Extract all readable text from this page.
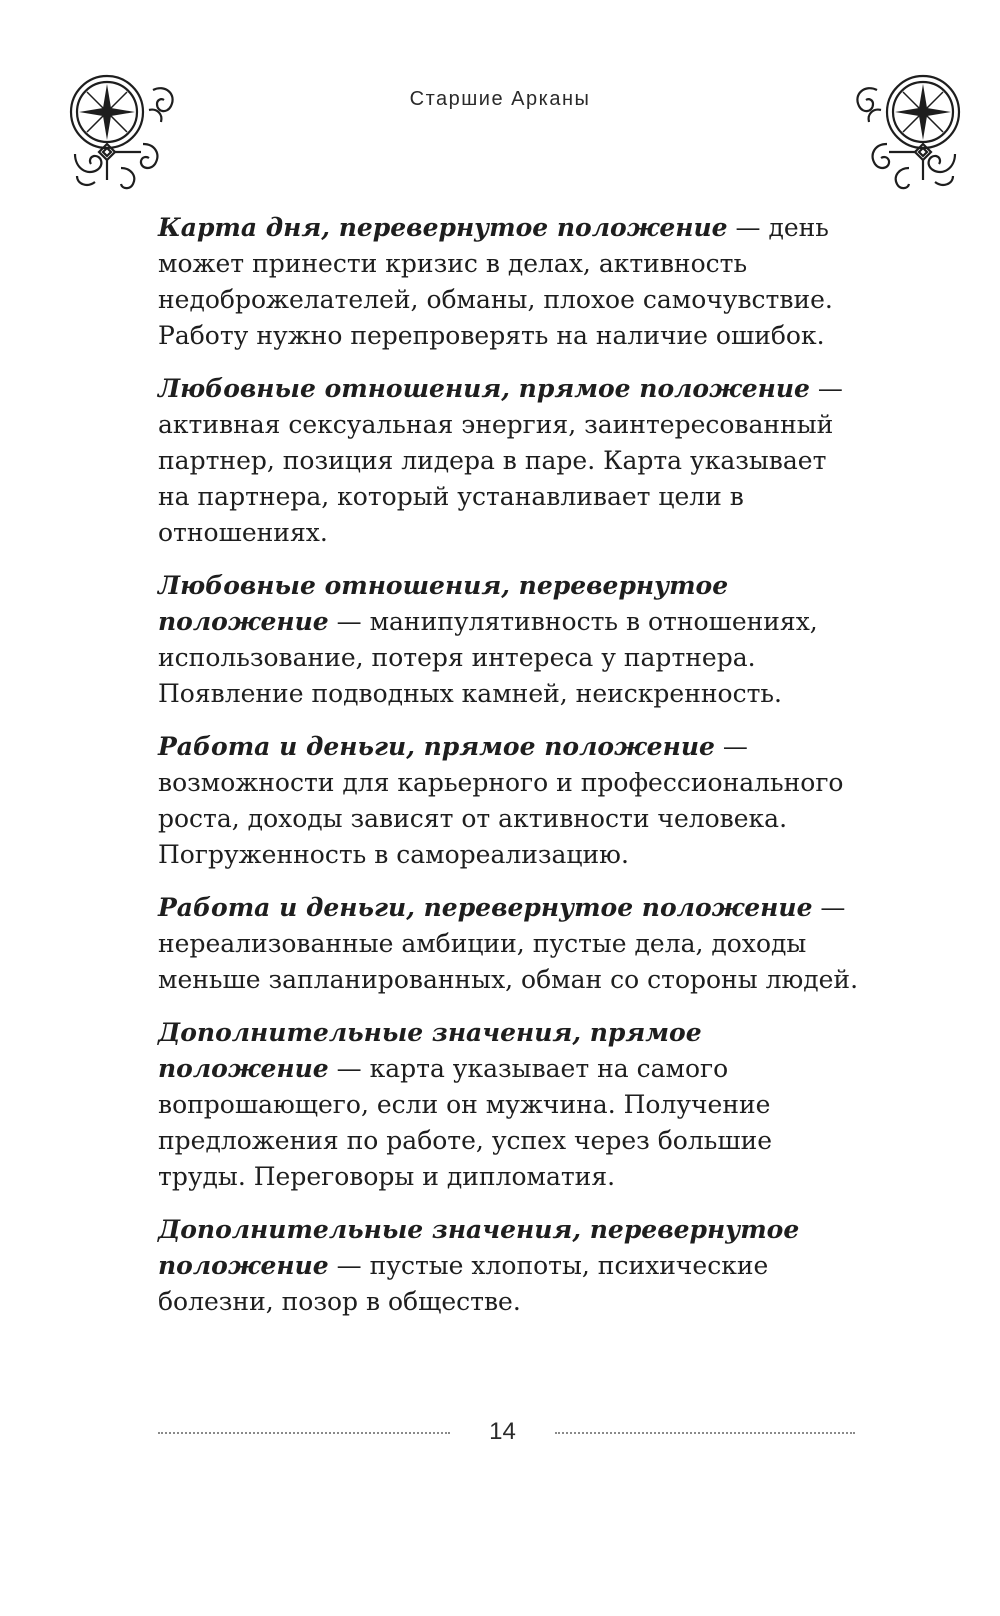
Старшие Арканы

Карта дня, перевернутое положение — день может принести кризис в делах, активность недоброжелателей, обманы, плохое самочувствие. Работу нужно перепроверять на наличие ошибок.

Любовные отношения, прямое положение — активная сексуальная энергия, заинтересованный партнер, позиция лидера в паре. Карта указывает на партнера, который устанавливает цели в отношениях.

Любовные отношения, перевернутое положение — манипулятивность в отношениях, использование, потеря интереса у партнера. Появление подводных камней, неискренность.

Работа и деньги, прямое положение — возможности для карьерного и профессионального роста, доходы зависят от активности человека. Погруженность в самореализацию.

Работа и деньги, перевернутое положение — нереализованные амбиции, пустые дела, доходы меньше запланированных, обман со стороны людей.

Дополнительные значения, прямое положение — карта указывает на самого вопрошающего, если он мужчина. Получение предложения по работе, успех через большие труды. Переговоры и дипломатия.

Дополнительные значения, перевернутое положение — пустые хлопоты, психические болезни, позор в обществе.

14
